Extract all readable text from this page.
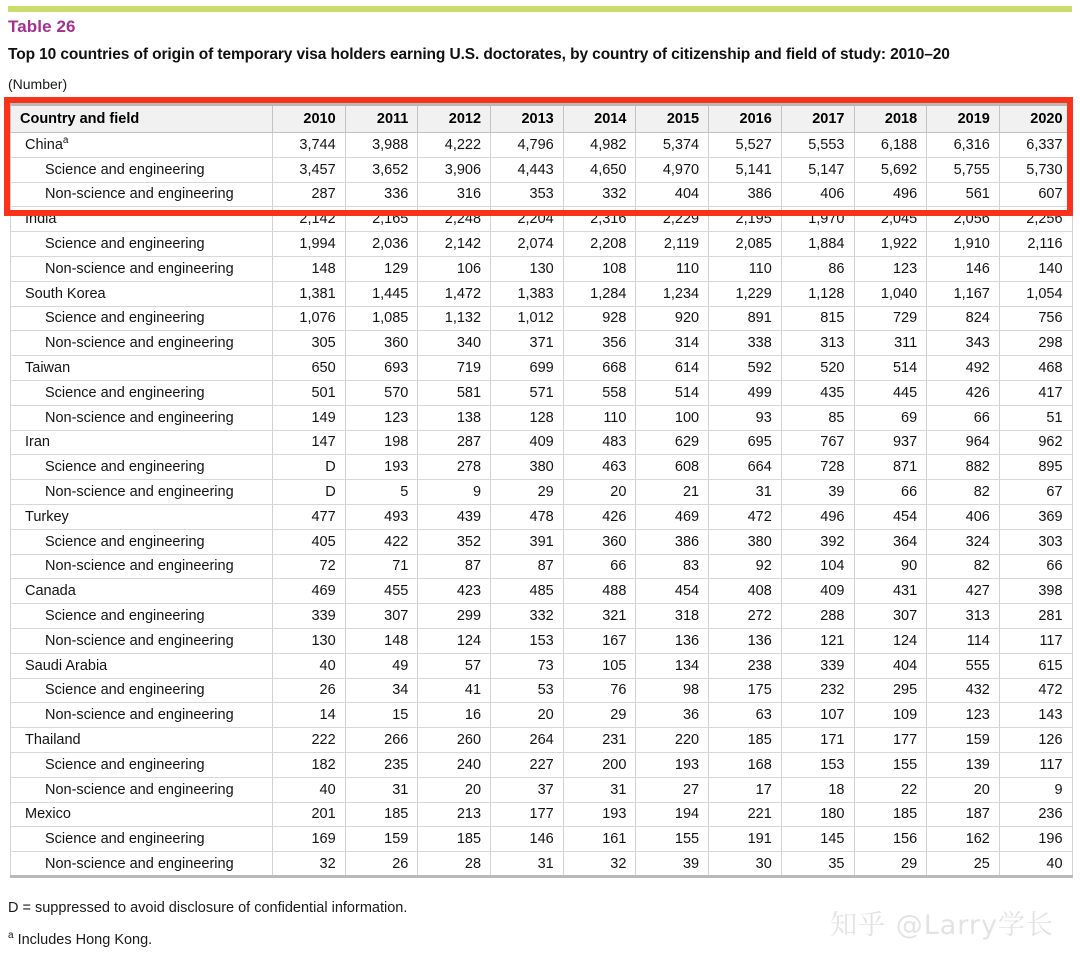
Table 26
Top 10 countries of origin of temporary visa holders earning U.S. doctorates, by country of citizenship and field of study: 2010–20
(Number)
Country and field	2010	2011	2012	2013	2014	2015	2016	2017	2018	2019	2020
China$^a$	3,744	3,988	4,222	4,796	4,982	5,374	5,527	5,553	6,188	6,316	6,337
Science and engineering	3,457	3,652	3,906	4,443	4,650	4,970	5,141	5,147	5,692	5,755	5,730
Non-science and engineering	287	336	316	353	332	404	386	406	496	561	607
India	2,142	2,165	2,248	2,204	2,316	2,229	2,195	1,970	2,045	2,056	2,256
Science and engineering	1,994	2,036	2,142	2,074	2,208	2,119	2,085	1,884	1,922	1,910	2,116
Non-science and engineering	148	129	106	130	108	110	110	86	123	146	140
South Korea	1,381	1,445	1,472	1,383	1,284	1,234	1,229	1,128	1,040	1,167	1,054
Science and engineering	1,076	1,085	1,132	1,012	928	920	891	815	729	824	756
Non-science and engineering	305	360	340	371	356	314	338	313	311	343	298
Taiwan	650	693	719	699	668	614	592	520	514	492	468
Science and engineering	501	570	581	571	558	514	499	435	445	426	417
Non-science and engineering	149	123	138	128	110	100	93	85	69	66	51
Iran	147	198	287	409	483	629	695	767	937	964	962
Science and engineering	D	193	278	380	463	608	664	728	871	882	895
Non-science and engineering	D	5	9	29	20	21	31	39	66	82	67
Turkey	477	493	439	478	426	469	472	496	454	406	369
Science and engineering	405	422	352	391	360	386	380	392	364	324	303
Non-science and engineering	72	71	87	87	66	83	92	104	90	82	66
Canada	469	455	423	485	488	454	408	409	431	427	398
Science and engineering	339	307	299	332	321	318	272	288	307	313	281
Non-science and engineering	130	148	124	153	167	136	136	121	124	114	117
Saudi Arabia	40	49	57	73	105	134	238	339	404	555	615
Science and engineering	26	34	41	53	76	98	175	232	295	432	472
Non-science and engineering	14	15	16	20	29	36	63	107	109	123	143
Thailand	222	266	260	264	231	220	185	171	177	159	126
Science and engineering	182	235	240	227	200	193	168	153	155	139	117
Non-science and engineering	40	31	20	37	31	27	17	18	22	20	9
Mexico	201	185	213	177	193	194	221	180	185	187	236
Science and engineering	169	159	185	146	161	155	191	145	156	162	196
Non-science and engineering	32	26	28	31	32	39	30	35	29	25	40
D = suppressed to avoid disclosure of confidential information.
$^a$ Includes Hong Kong.	知乎 @Larry学长
